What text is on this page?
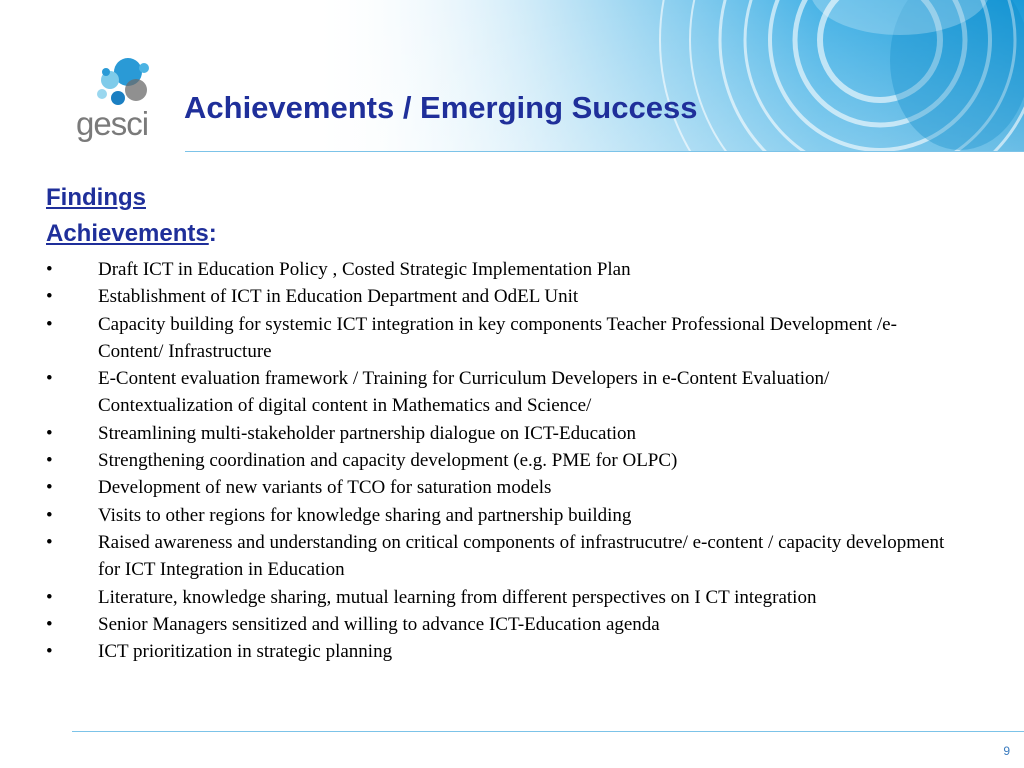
gesci Achievements / Emerging Success
Findings
Achievements:
• Draft ICT in Education Policy , Costed Strategic Implementation Plan
• Establishment of ICT in Education Department and OdEL Unit
• Capacity building for systemic ICT integration in key components Teacher Professional Development /e-Content/ Infrastructure
• E-Content evaluation framework / Training for Curriculum Developers in e-Content Evaluation/ Contextualization of digital content in Mathematics and Science/
• Streamlining multi-stakeholder partnership dialogue on ICT-Education
• Strengthening coordination and capacity development (e.g. PME for OLPC)
• Development of new variants of TCO for saturation models
• Visits to other regions for knowledge sharing and partnership building
• Raised awareness and understanding on critical components of infrastrucutre/ e-content / capacity development for ICT Integration in Education
• Literature, knowledge sharing, mutual learning from different perspectives on I CT integration
• Senior Managers sensitized and willing to advance ICT-Education agenda
• ICT prioritization in strategic planning
9
